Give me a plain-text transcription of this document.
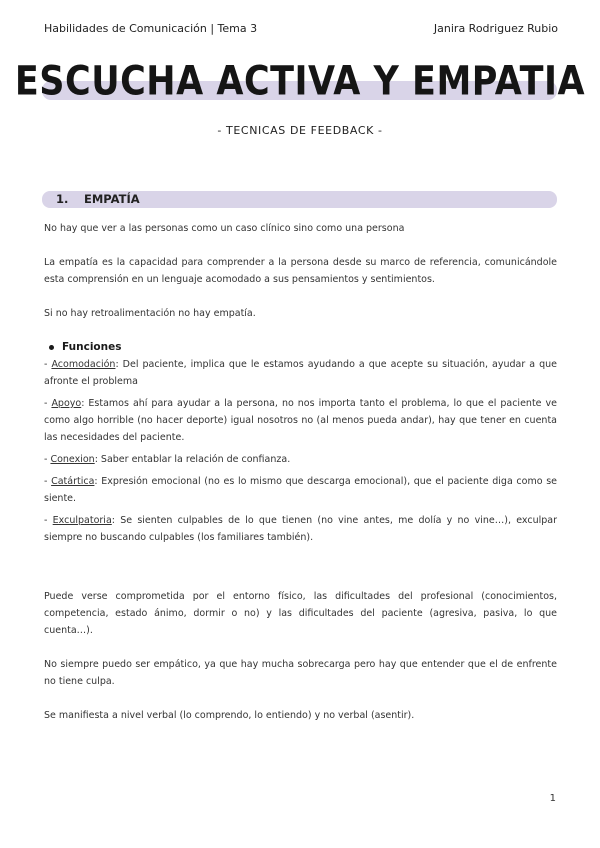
Habilidades de Comunicación | Tema 3	Janira Rodriguez Rubio
ESCUCHA ACTIVA Y EMPATIA
- TECNICAS DE FEEDBACK -
1. EMPATÍA

No hay que ver a las personas como un caso clínico sino como una persona

La empatía es la capacidad para comprender a la persona desde su marco de referencia, comunicándole esta comprensión en un lenguaje acomodado a sus pensamientos y sentimientos.

Si no hay retroalimentación no hay empatía.

Funciones

- Acomodación: Del paciente, implica que le estamos ayudando a que acepte su situación, ayudar a que afronte el problema

- Apoyo: Estamos ahí para ayudar a la persona, no nos importa tanto el problema, lo que el paciente ve como algo horrible (no hacer deporte) igual nosotros no (al menos pueda andar), hay que tener en cuenta las necesidades del paciente.

- Conexion: Saber entablar la relación de confianza.

- Catártica: Expresión emocional (no es lo mismo que descarga emocional), que el paciente diga como se siente.

- Exculpatoria: Se sienten culpables de lo que tienen (no vine antes, me dolía y no vine…), exculpar siempre no buscando culpables (los familiares también).

Puede verse comprometida por el entorno físico, las dificultades del profesional (conocimientos, competencia, estado ánimo, dormir o no) y las dificultades del paciente (agresiva, pasiva, lo que cuenta…).

No siempre puedo ser empático, ya que hay mucha sobrecarga pero hay que entender que el de enfrente no tiene culpa.

Se manifiesta a nivel verbal (lo comprendo, lo entiendo) y no verbal (asentir).

1
